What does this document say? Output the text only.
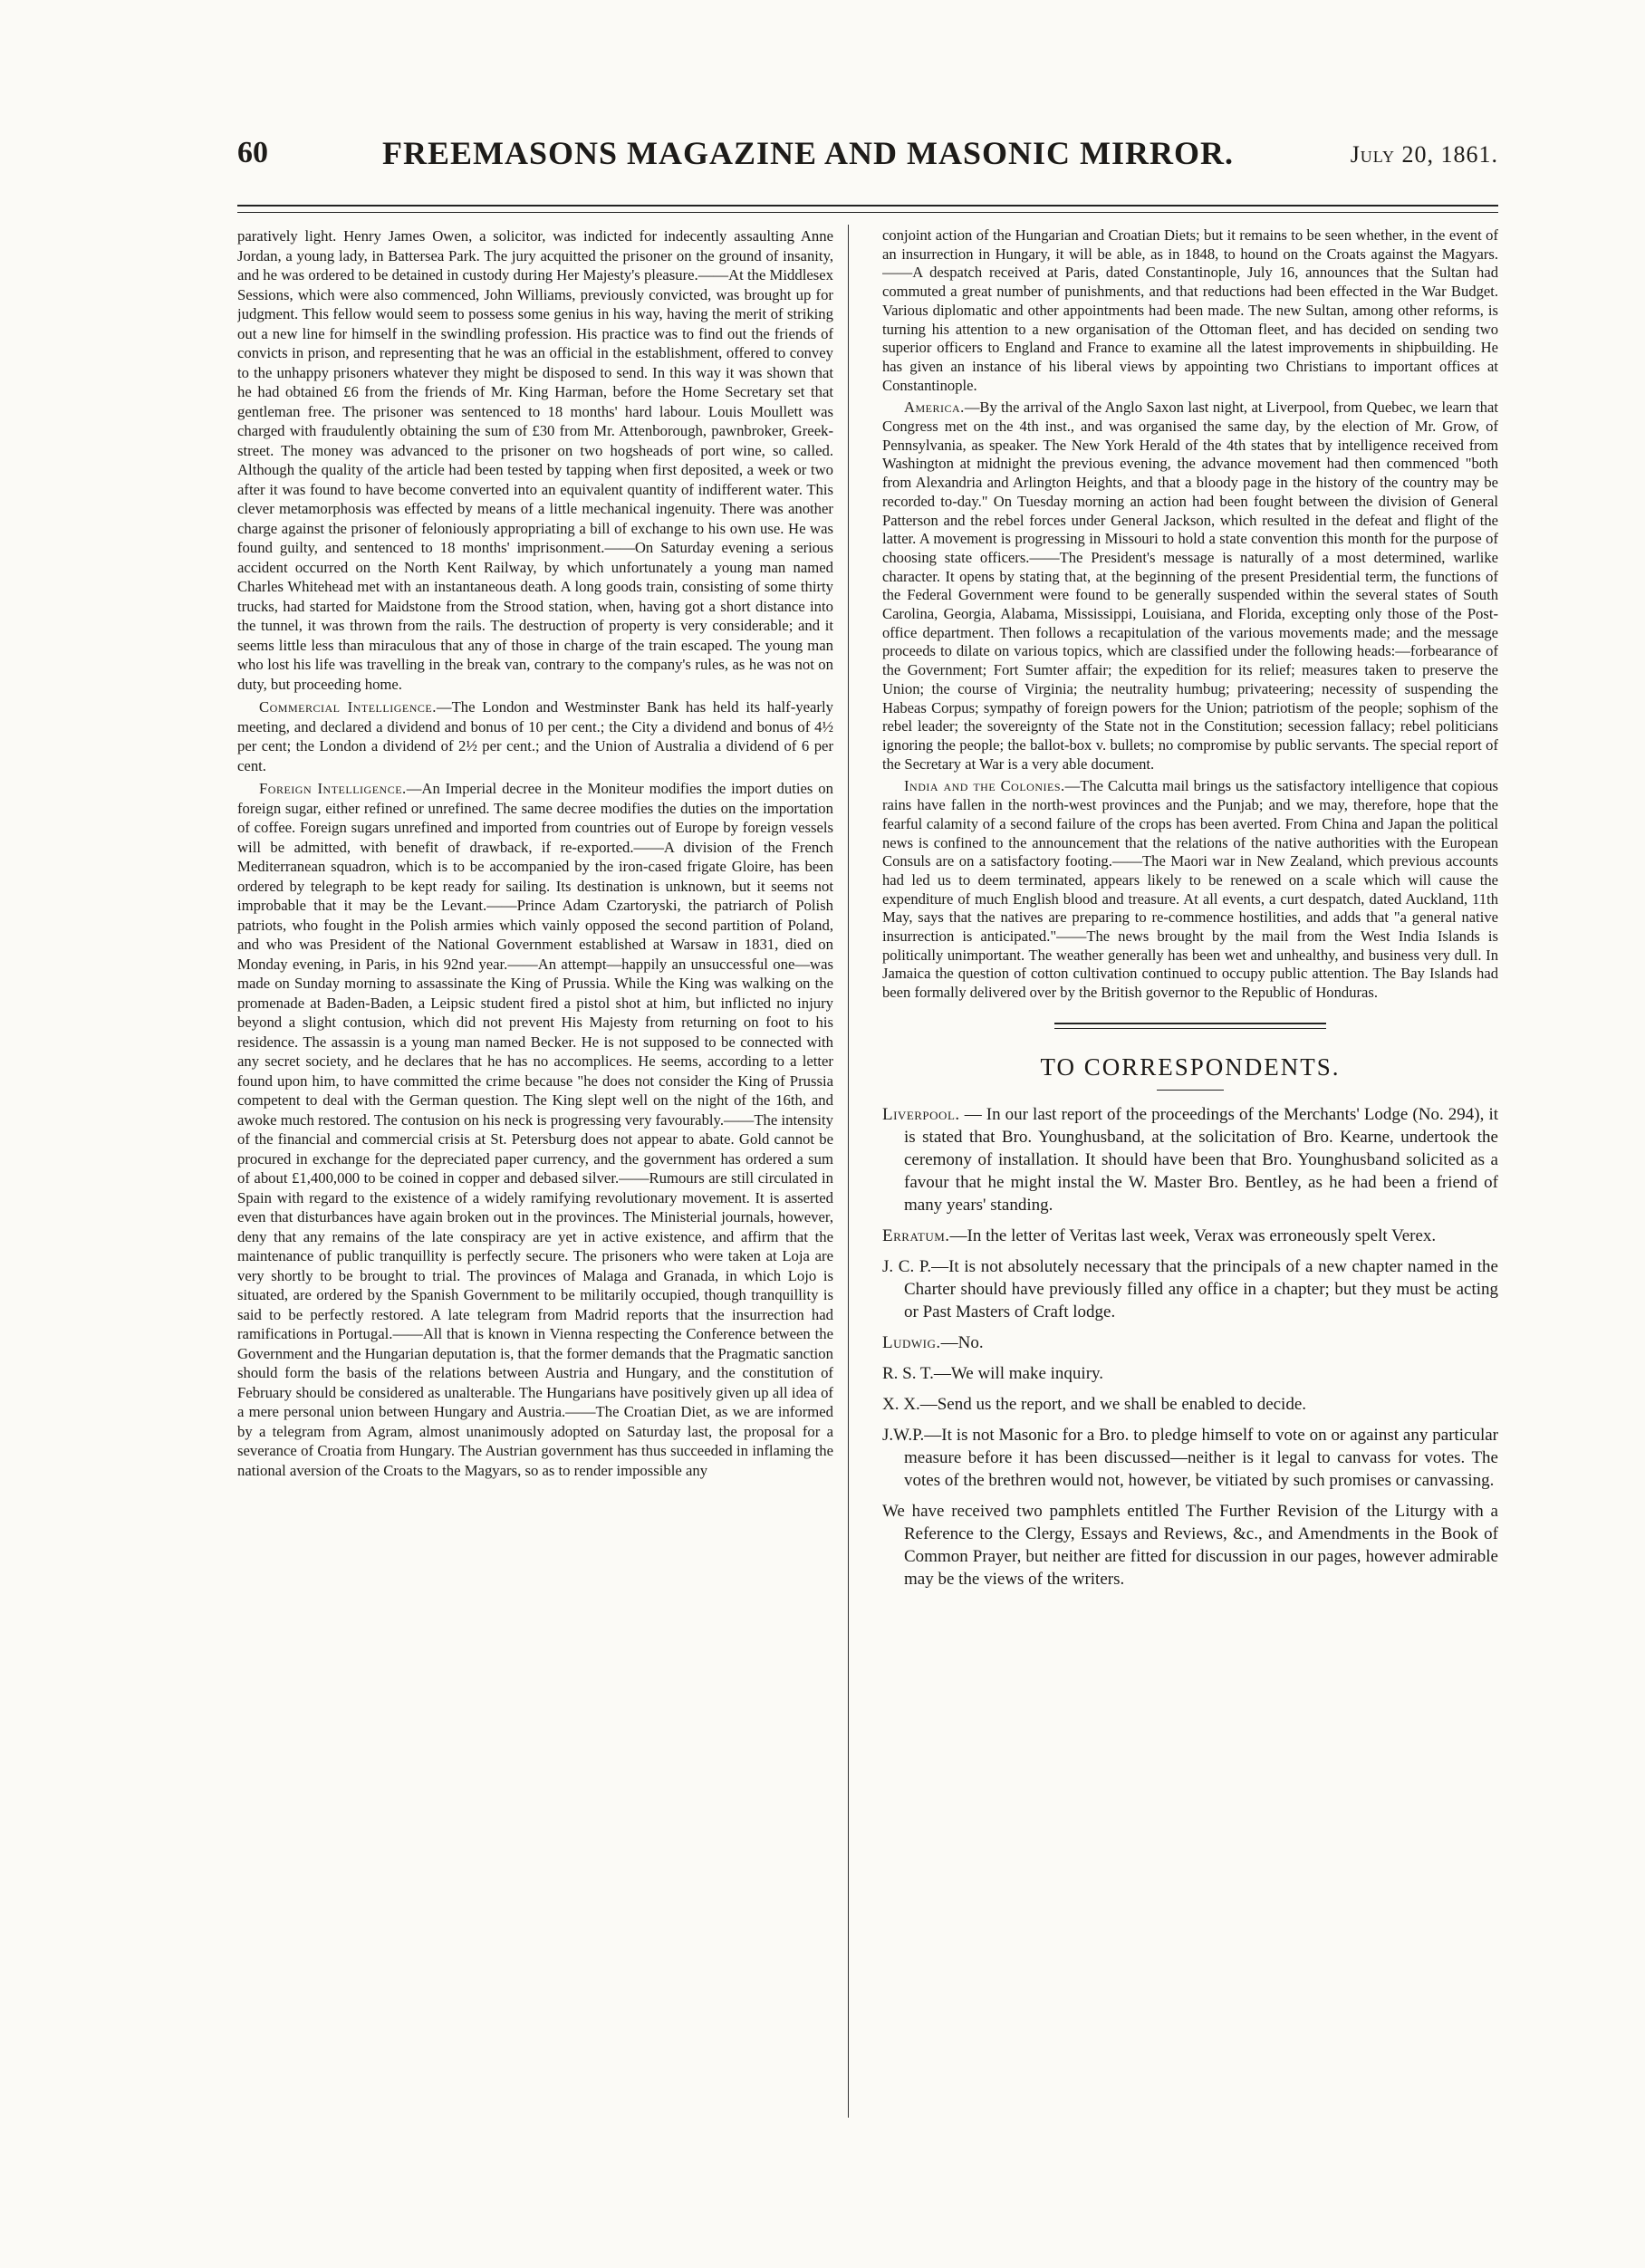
60	FREEMASONS MAGAZINE AND MASONIC MIRROR.	July 20, 1861.

paratively light. Henry James Owen, a solicitor, was indicted for indecently assaulting Anne Jordan, a young lady, in Battersea Park. The jury acquitted the prisoner on the ground of insanity, and he was ordered to be detained in custody during Her Majesty's pleasure.——At the Middlesex Sessions, which were also commenced, John Williams, previously convicted, was brought up for judgment. This fellow would seem to possess some genius in his way, having the merit of striking out a new line for himself in the swindling profession. His practice was to find out the friends of convicts in prison, and representing that he was an official in the establishment, offered to convey to the unhappy prisoners whatever they might be disposed to send. In this way it was shown that he had obtained £6 from the friends of Mr. King Harman, before the Home Secretary set that gentleman free. The prisoner was sentenced to 18 months' hard labour. Louis Moullett was charged with fraudulently obtaining the sum of £30 from Mr. Attenborough, pawnbroker, Greek-street. The money was advanced to the prisoner on two hogsheads of port wine, so called. Although the quality of the article had been tested by tapping when first deposited, a week or two after it was found to have become converted into an equivalent quantity of indifferent water. This clever metamorphosis was effected by means of a little mechanical ingenuity. There was another charge against the prisoner of feloniously appropriating a bill of exchange to his own use. He was found guilty, and sentenced to 18 months' imprisonment.——On Saturday evening a serious accident occurred on the North Kent Railway, by which unfortunately a young man named Charles Whitehead met with an instantaneous death. A long goods train, consisting of some thirty trucks, had started for Maidstone from the Strood station, when, having got a short distance into the tunnel, it was thrown from the rails. The destruction of property is very considerable; and it seems little less than miraculous that any of those in charge of the train escaped. The young man who lost his life was travelling in the break van, contrary to the company's rules, as he was not on duty, but proceeding home.

Commercial Intelligence.—The London and Westminster Bank has held its half-yearly meeting, and declared a dividend and bonus of 10 per cent.; the City a dividend and bonus of 4½ per cent; the London a dividend of 2½ per cent.; and the Union of Australia a dividend of 6 per cent.

Foreign Intelligence.—An Imperial decree in the Moniteur modifies the import duties on foreign sugar, either refined or unrefined. The same decree modifies the duties on the importation of coffee. Foreign sugars unrefined and imported from countries out of Europe by foreign vessels will be admitted, with benefit of drawback, if re-exported.——A division of the French Mediterranean squadron, which is to be accompanied by the iron-cased frigate Gloire, has been ordered by telegraph to be kept ready for sailing. Its destination is unknown, but it seems not improbable that it may be the Levant.——Prince Adam Czartoryski, the patriarch of Polish patriots, who fought in the Polish armies which vainly opposed the second partition of Poland, and who was President of the National Government established at Warsaw in 1831, died on Monday evening, in Paris, in his 92nd year.——An attempt—happily an unsuccessful one—was made on Sunday morning to assassinate the King of Prussia. While the King was walking on the promenade at Baden-Baden, a Leipsic student fired a pistol shot at him, but inflicted no injury beyond a slight contusion, which did not prevent His Majesty from returning on foot to his residence. The assassin is a young man named Becker. He is not supposed to be connected with any secret society, and he declares that he has no accomplices. He seems, according to a letter found upon him, to have committed the crime because "he does not consider the King of Prussia competent to deal with the German question. The King slept well on the night of the 16th, and awoke much restored. The contusion on his neck is progressing very favourably.——The intensity of the financial and commercial crisis at St. Petersburg does not appear to abate. Gold cannot be procured in exchange for the depreciated paper currency, and the government has ordered a sum of about £1,400,000 to be coined in copper and debased silver.——Rumours are still circulated in Spain with regard to the existence of a widely ramifying revolutionary movement. It is asserted even that disturbances have again broken out in the provinces. The Ministerial journals, however, deny that any remains of the late conspiracy are yet in active existence, and affirm that the maintenance of public tranquillity is perfectly secure. The prisoners who were taken at Loja are very shortly to be brought to trial. The provinces of Malaga and Granada, in which Lojo is situated, are ordered by the Spanish Government to be militarily occupied, though tranquillity is said to be perfectly restored. A late telegram from Madrid reports that the insurrection had ramifications in Portugal.——All that is known in Vienna respecting the Conference between the Government and the Hungarian deputation is, that the former demands that the Pragmatic sanction should form the basis of the relations between Austria and Hungary, and the constitution of February should be considered as unalterable. The Hungarians have positively given up all idea of a mere personal union between Hungary and Austria.——The Croatian Diet, as we are informed by a telegram from Agram, almost unanimously adopted on Saturday last, the proposal for a severance of Croatia from Hungary. The Austrian government has thus succeeded in inflaming the national aversion of the Croats to the Magyars, so as to render impossible any

conjoint action of the Hungarian and Croatian Diets; but it remains to be seen whether, in the event of an insurrection in Hungary, it will be able, as in 1848, to hound on the Croats against the Magyars.——A despatch received at Paris, dated Constantinople, July 16, announces that the Sultan had commuted a great number of punishments, and that reductions had been effected in the War Budget. Various diplomatic and other appointments had been made. The new Sultan, among other reforms, is turning his attention to a new organisation of the Ottoman fleet, and has decided on sending two superior officers to England and France to examine all the latest improvements in shipbuilding. He has given an instance of his liberal views by appointing two Christians to important offices at Constantinople.

America.—By the arrival of the Anglo Saxon last night, at Liverpool, from Quebec, we learn that Congress met on the 4th inst., and was organised the same day, by the election of Mr. Grow, of Pennsylvania, as speaker. The New York Herald of the 4th states that by intelligence received from Washington at midnight the previous evening, the advance movement had then commenced "both from Alexandria and Arlington Heights, and that a bloody page in the history of the country may be recorded to-day." On Tuesday morning an action had been fought between the division of General Patterson and the rebel forces under General Jackson, which resulted in the defeat and flight of the latter. A movement is progressing in Missouri to hold a state convention this month for the purpose of choosing state officers.——The President's message is naturally of a most determined, warlike character. It opens by stating that, at the beginning of the present Presidential term, the functions of the Federal Government were found to be generally suspended within the several states of South Carolina, Georgia, Alabama, Mississippi, Louisiana, and Florida, excepting only those of the Post-office department. Then follows a recapitulation of the various movements made; and the message proceeds to dilate on various topics, which are classified under the following heads:—forbearance of the Government; Fort Sumter affair; the expedition for its relief; measures taken to preserve the Union; the course of Virginia; the neutrality humbug; privateering; necessity of suspending the Habeas Corpus; sympathy of foreign powers for the Union; patriotism of the people; sophism of the rebel leader; the sovereignty of the State not in the Constitution; secession fallacy; rebel politicians ignoring the people; the ballot-box v. bullets; no compromise by public servants. The special report of the Secretary at War is a very able document.

India and the Colonies.—The Calcutta mail brings us the satisfactory intelligence that copious rains have fallen in the north-west provinces and the Punjab; and we may, therefore, hope that the fearful calamity of a second failure of the crops has been averted. From China and Japan the political news is confined to the announcement that the relations of the native authorities with the European Consuls are on a satisfactory footing.——The Maori war in New Zealand, which previous accounts had led us to deem terminated, appears likely to be renewed on a scale which will cause the expenditure of much English blood and treasure. At all events, a curt despatch, dated Auckland, 11th May, says that the natives are preparing to re-commence hostilities, and adds that "a general native insurrection is anticipated."——The news brought by the mail from the West India Islands is politically unimportant. The weather generally has been wet and unhealthy, and business very dull. In Jamaica the question of cotton cultivation continued to occupy public attention. The Bay Islands had been formally delivered over by the British governor to the Republic of Honduras.

TO CORRESPONDENTS.

Liverpool. — In our last report of the proceedings of the Merchants' Lodge (No. 294), it is stated that Bro. Younghusband, at the solicitation of Bro. Kearne, undertook the ceremony of installation. It should have been that Bro. Younghusband solicited as a favour that he might instal the W. Master Bro. Bentley, as he had been a friend of many years' standing.

Erratum.—In the letter of Veritas last week, Verax was erroneously spelt Verex.

J. C. P.—It is not absolutely necessary that the principals of a new chapter named in the Charter should have previously filled any office in a chapter; but they must be acting or Past Masters of Craft lodge.

Ludwig.—No.

R. S. T.—We will make inquiry.

X. X.—Send us the report, and we shall be enabled to decide.

J.W.P.—It is not Masonic for a Bro. to pledge himself to vote on or against any particular measure before it has been discussed—neither is it legal to canvass for votes. The votes of the brethren would not, however, be vitiated by such promises or canvassing.

We have received two pamphlets entitled The Further Revision of the Liturgy with a Reference to the Clergy, Essays and Reviews, &c., and Amendments in the Book of Common Prayer, but neither are fitted for discussion in our pages, however admirable may be the views of the writers.
